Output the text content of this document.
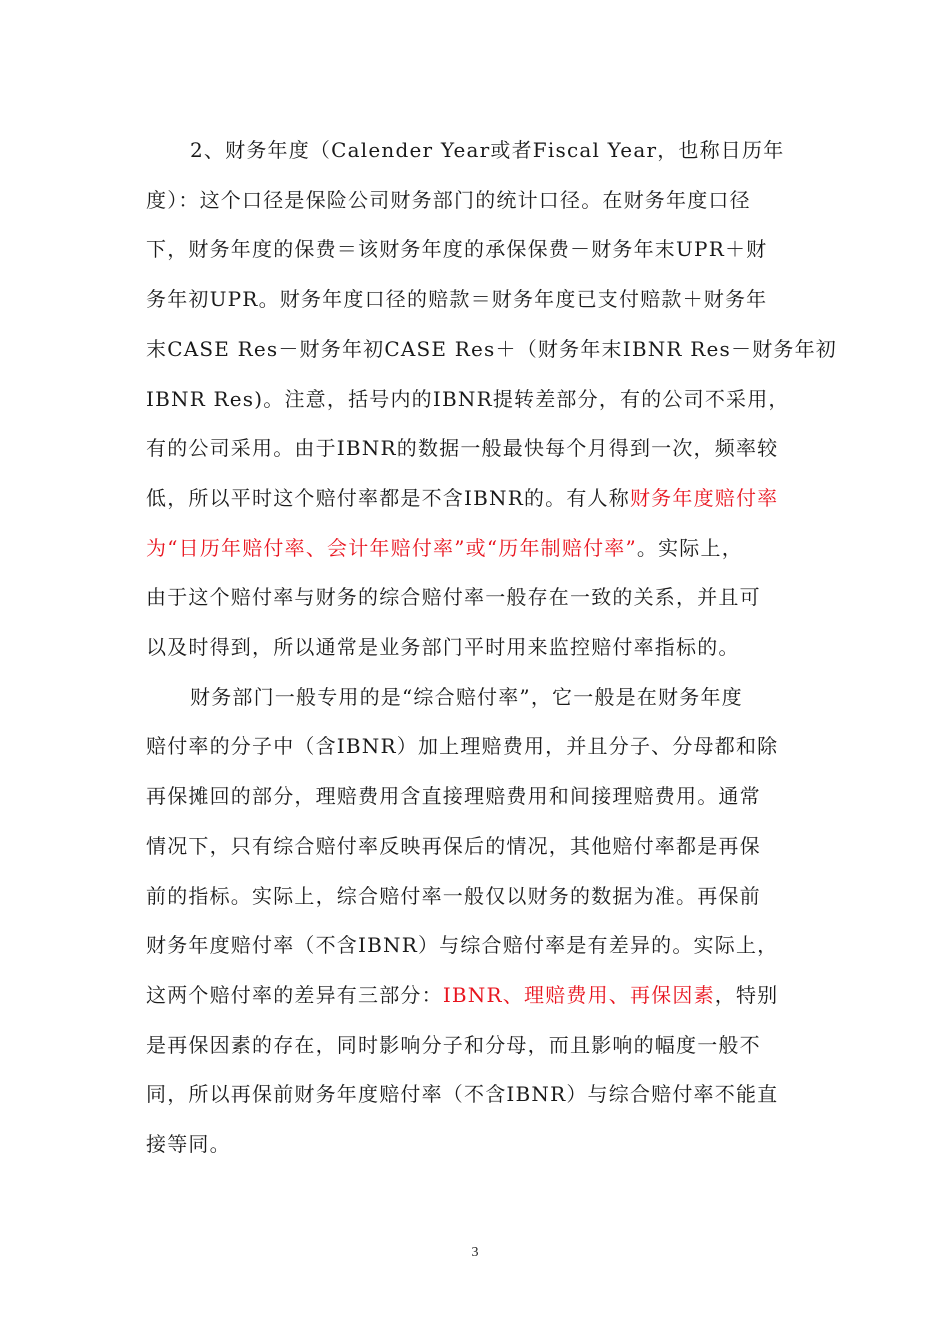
2、财务年度（Calender Year或者Fiscal Year，也称日历年
度）：这个口径是保险公司财务部门的统计口径。在财务年度口径
下，财务年度的保费＝该财务年度的承保保费－财务年末UPR＋财
务年初UPR。财务年度口径的赔款＝财务年度已支付赔款＋财务年
末CASE Res－财务年初CASE Res＋（财务年末IBNR Res－财务年初
IBNR Res)。注意，括号内的IBNR提转差部分，有的公司不采用，
有的公司采用。由于IBNR的数据一般最快每个月得到一次，频率较
低，所以平时这个赔付率都是不含IBNR的。有人称财务年度赔付率
为“日历年赔付率、会计年赔付率”或“历年制赔付率”。实际上，
由于这个赔付率与财务的综合赔付率一般存在一致的关系，并且可
以及时得到，所以通常是业务部门平时用来监控赔付率指标的。
财务部门一般专用的是“综合赔付率”，它一般是在财务年度
赔付率的分子中（含IBNR）加上理赔费用，并且分子、分母都和除
再保摊回的部分，理赔费用含直接理赔费用和间接理赔费用。通常
情况下，只有综合赔付率反映再保后的情况，其他赔付率都是再保
前的指标。实际上，综合赔付率一般仅以财务的数据为准。再保前
财务年度赔付率（不含IBNR）与综合赔付率是有差异的。实际上，
这两个赔付率的差异有三部分：IBNR、理赔费用、再保因素，特别
是再保因素的存在，同时影响分子和分母，而且影响的幅度一般不
同，所以再保前财务年度赔付率（不含IBNR）与综合赔付率不能直
接等同。
3
